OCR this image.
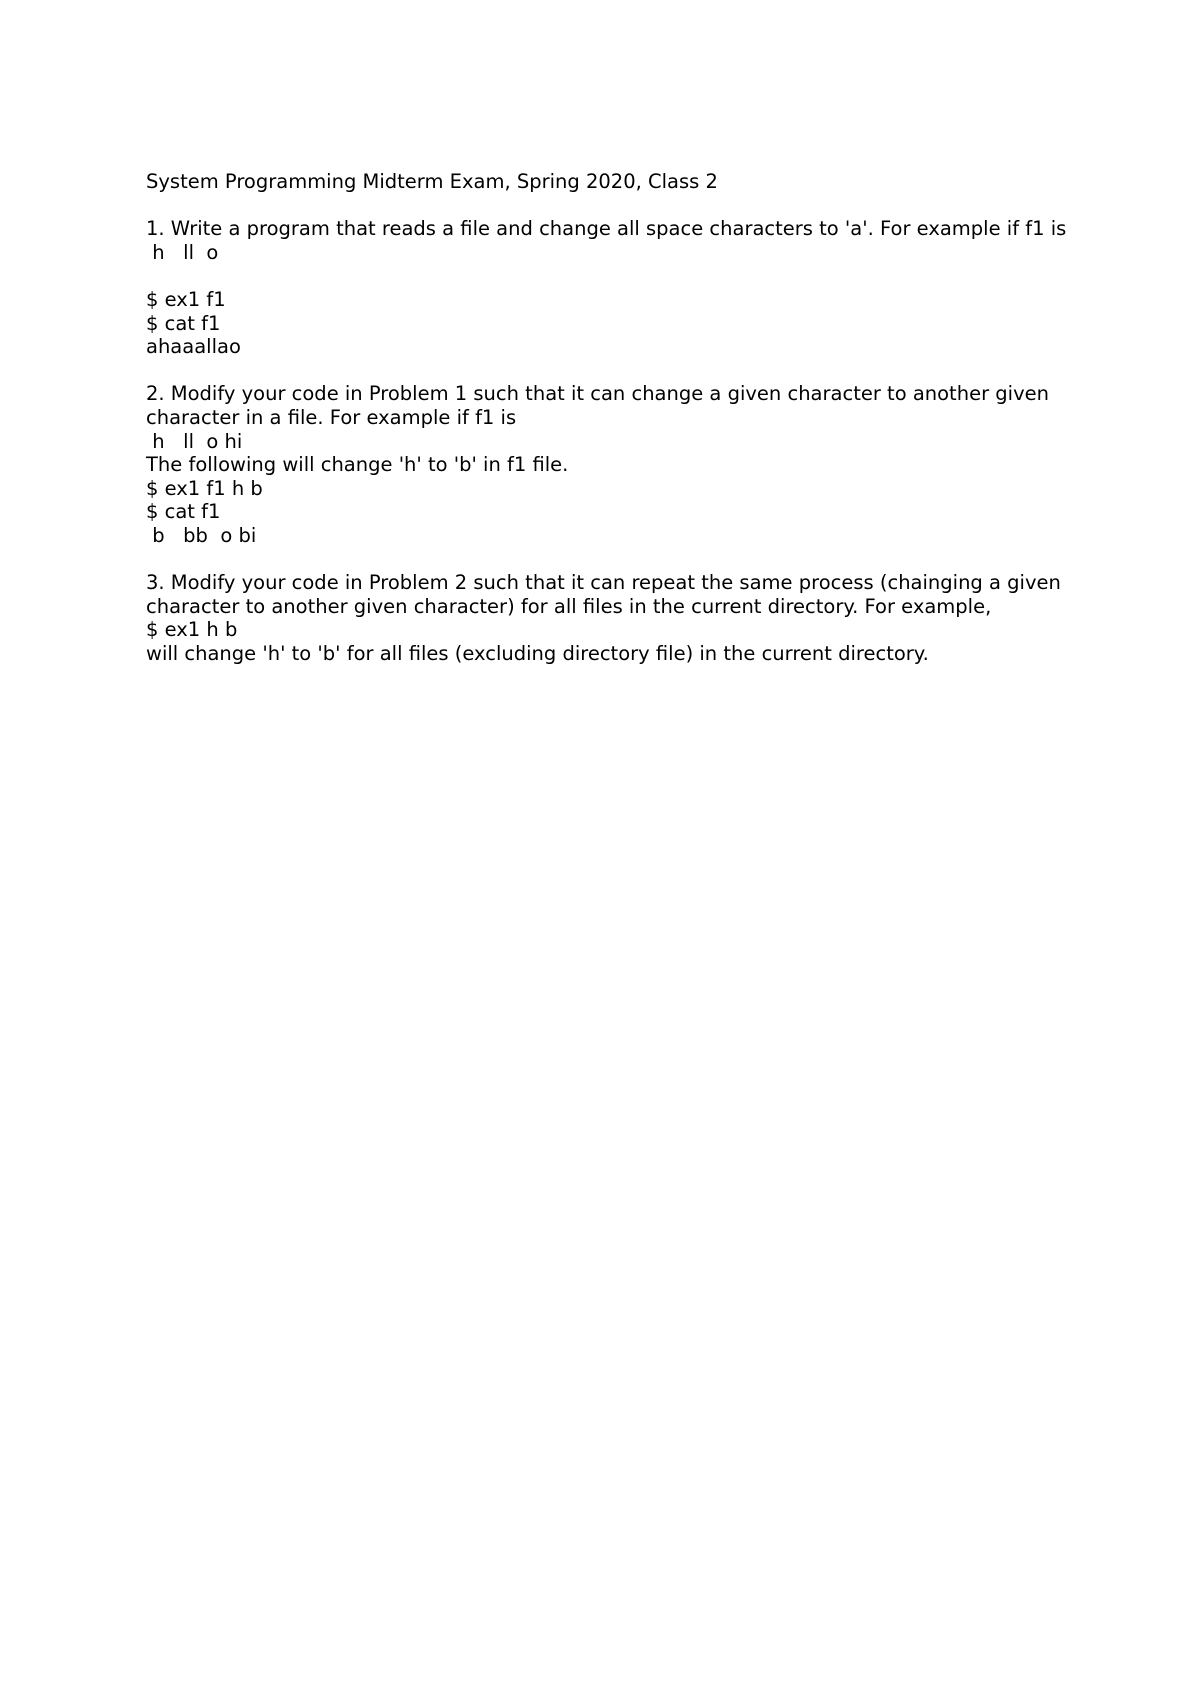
System Programming Midterm Exam, Spring 2020, Class 2
1. Write a program that reads a file and change all space characters to 'a'. For example if f1 is
h   ll  o
$ ex1 f1
$ cat f1
ahaaallao
2. Modify your code in Problem 1 such that it can change a given character to another given character in a file. For example if f1 is
h   ll  o hi
The following will change 'h' to 'b' in f1 file.
$ ex1 f1 h b
$ cat f1
b   bb  o bi
3. Modify your code in Problem 2 such that it can repeat the same process (chainging a given character to another given character) for all files in the current directory. For example,
$ ex1 h b
will change 'h' to 'b' for all files (excluding directory file) in the current directory.
